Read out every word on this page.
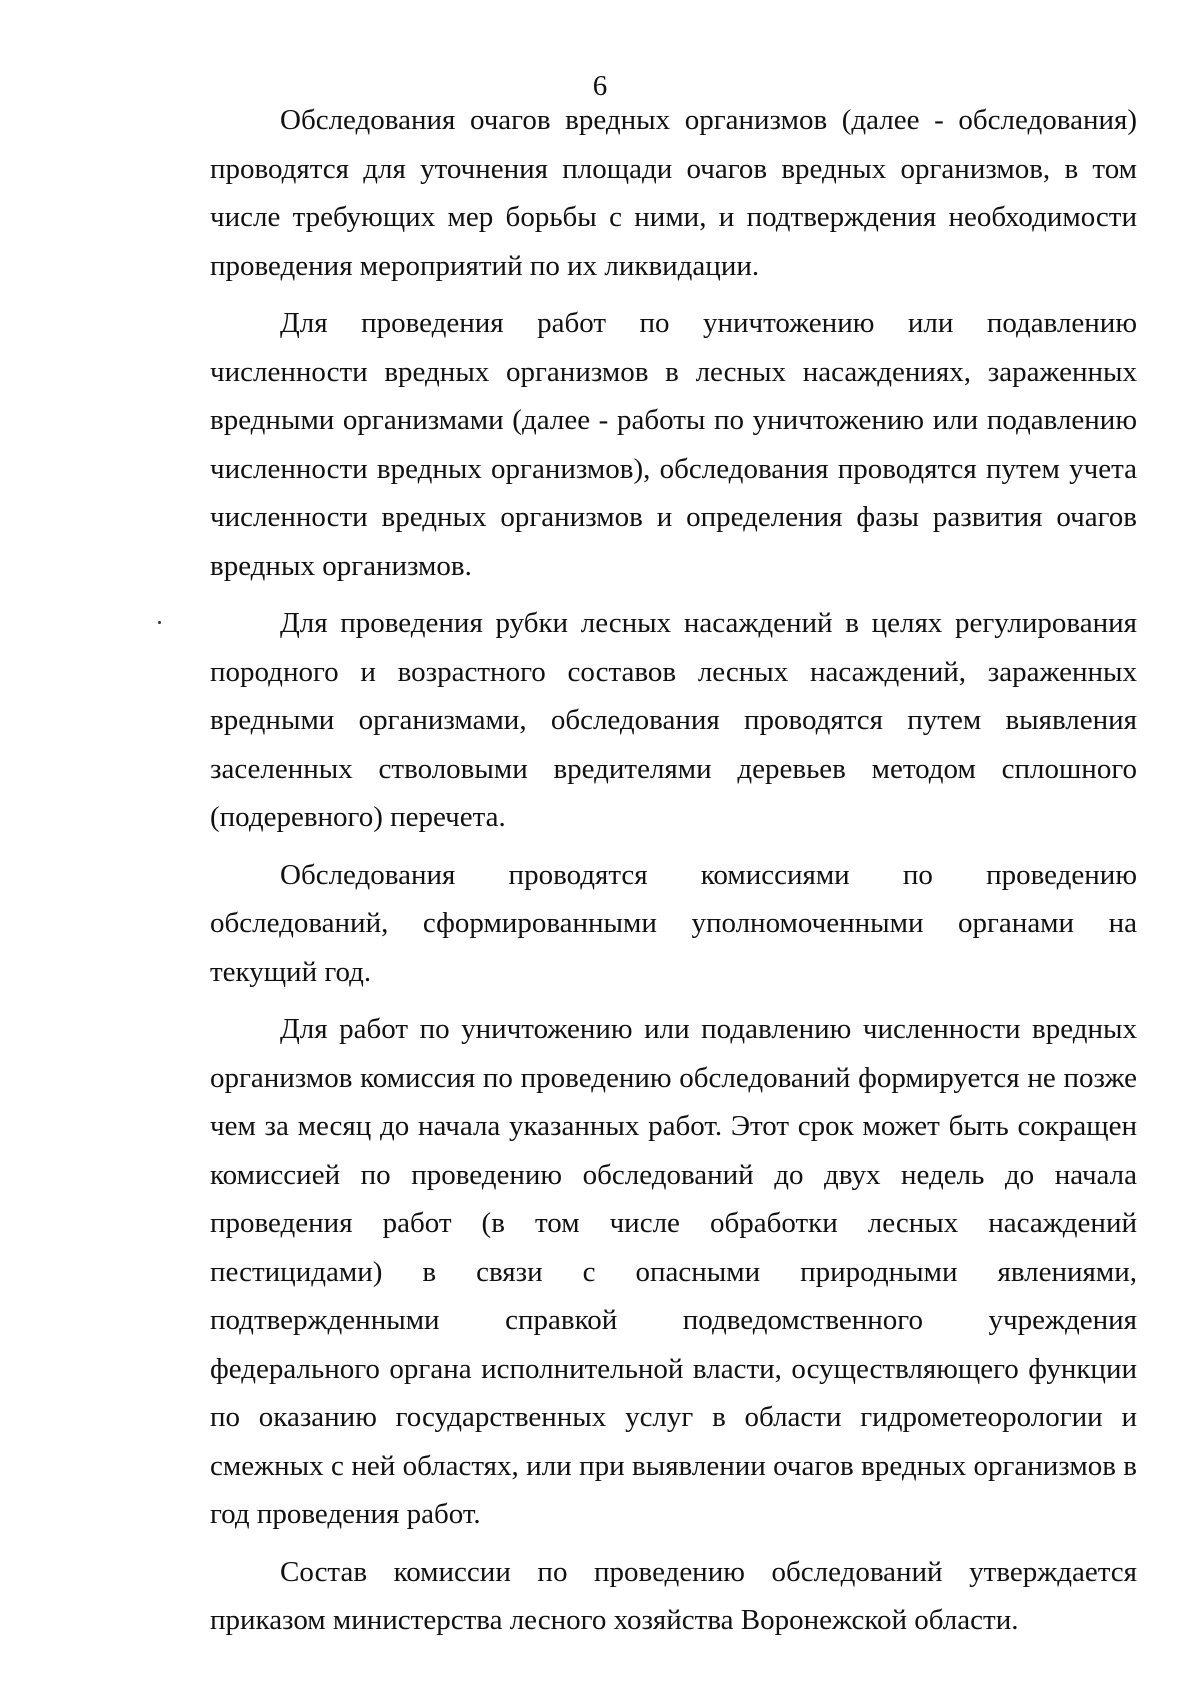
6

Обследования очагов вредных организмов (далее - обследования) проводятся для уточнения площади очагов вредных организмов, в том числе требующих мер борьбы с ними, и подтверждения необходимости проведения мероприятий по их ликвидации.

Для проведения работ по уничтожению или подавлению численности вредных организмов в лесных насаждениях, зараженных вредными организмами (далее - работы по уничтожению или подавлению численности вредных организмов), обследования проводятся путем учета численности вредных организмов и определения фазы развития очагов вредных организмов.

Для проведения рубки лесных насаждений в целях регулирования породного и возрастного составов лесных насаждений, зараженных вредными организмами, обследования проводятся путем выявления заселенных стволовыми вредителями деревьев методом сплошного (подеревного) перечета.

Обследования проводятся комиссиями по проведению обследований, сформированными уполномоченными органами на текущий год.

Для работ по уничтожению или подавлению численности вредных организмов комиссия по проведению обследований формируется не позже чем за месяц до начала указанных работ. Этот срок может быть сокращен комиссией по проведению обследований до двух недель до начала проведения работ (в том числе обработки лесных насаждений пестицидами) в связи с опасными природными явлениями, подтвержденными справкой подведомственного учреждения федерального органа исполнительной власти, осуществляющего функции по оказанию государственных услуг в области гидрометеорологии и смежных с ней областях, или при выявлении очагов вредных организмов в год проведения работ.

Состав комиссии по проведению обследований утверждается приказом министерства лесного хозяйства Воронежской области.
